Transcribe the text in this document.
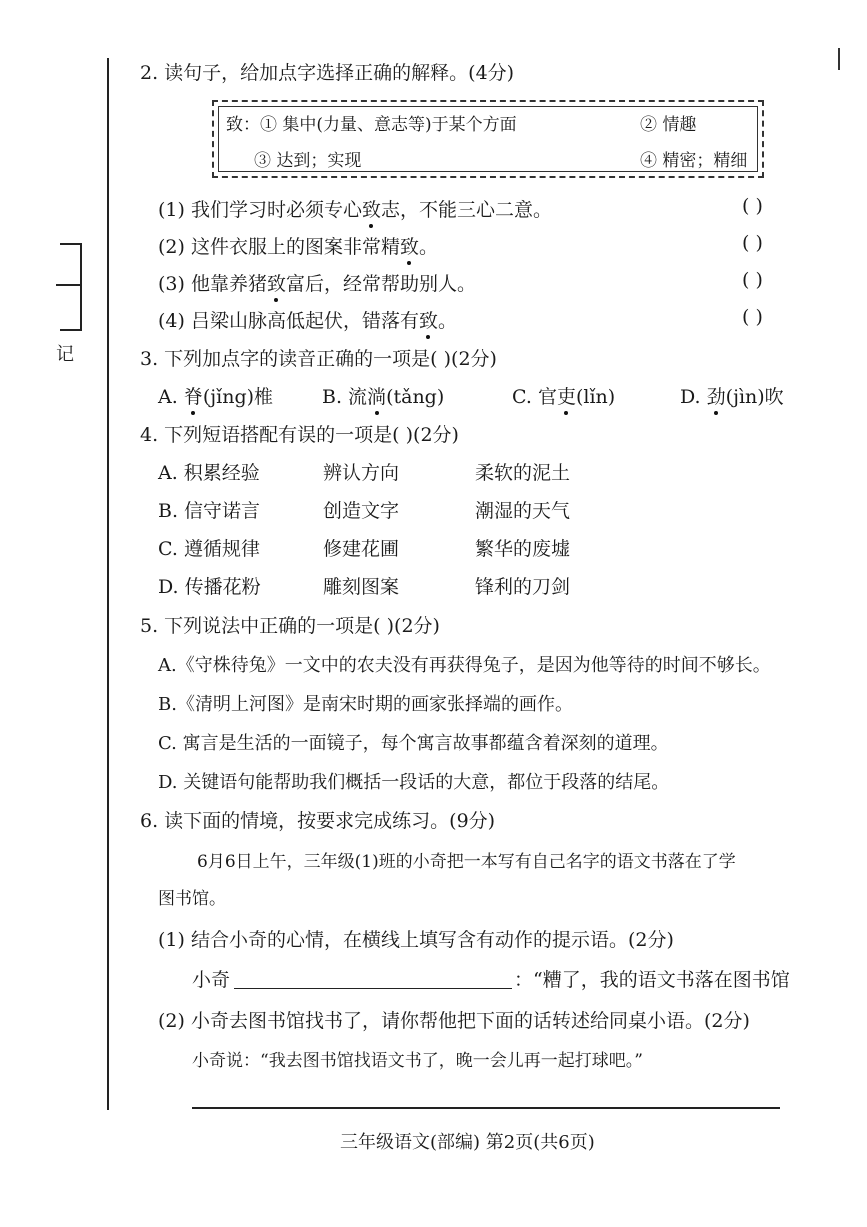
记
2. 读句子，给加点字选择正确的解释。(4分)
致：① 集中(力量、意志等)于某个方面	② 情趣
③ 达到；实现	④ 精密；精细
(1) 我们学习时必须专心致志，不能三心二意。	( )
(2) 这件衣服上的图案非常精致。	( )
(3) 他靠养猪致富后，经常帮助别人。	( )
(4) 吕梁山脉高低起伏，错落有致。	( )
3. 下列加点字的读音正确的一项是( )(2分)
A. 脊(jǐng)椎	B. 流淌(tǎng)	C. 官吏(lǐn)	D. 劲(jìn)吹
4. 下列短语搭配有误的一项是( )(2分)
A. 积累经验	辨认方向	柔软的泥土
B. 信守诺言	创造文字	潮湿的天气
C. 遵循规律	修建花圃	繁华的废墟
D. 传播花粉	雕刻图案	锋利的刀剑
5. 下列说法中正确的一项是( )(2分)
A.《守株待兔》一文中的农夫没有再获得兔子，是因为他等待的时间不够长。
B.《清明上河图》是南宋时期的画家张择端的画作。
C. 寓言是生活的一面镜子，每个寓言故事都蕴含着深刻的道理。
D. 关键语句能帮助我们概括一段话的大意，都位于段落的结尾。
6. 读下面的情境，按要求完成练习。(9分)
6月6日上午，三年级(1)班的小奇把一本写有自己名字的语文书落在了学
图书馆。
(1) 结合小奇的心情，在横线上填写含有动作的提示语。(2分)
小奇	：“糟了，我的语文书落在图书馆
(2) 小奇去图书馆找书了，请你帮他把下面的话转述给同桌小语。(2分)
小奇说：“我去图书馆找语文书了，晚一会儿再一起打球吧。”
三年级语文(部编) 第2页(共6页)
